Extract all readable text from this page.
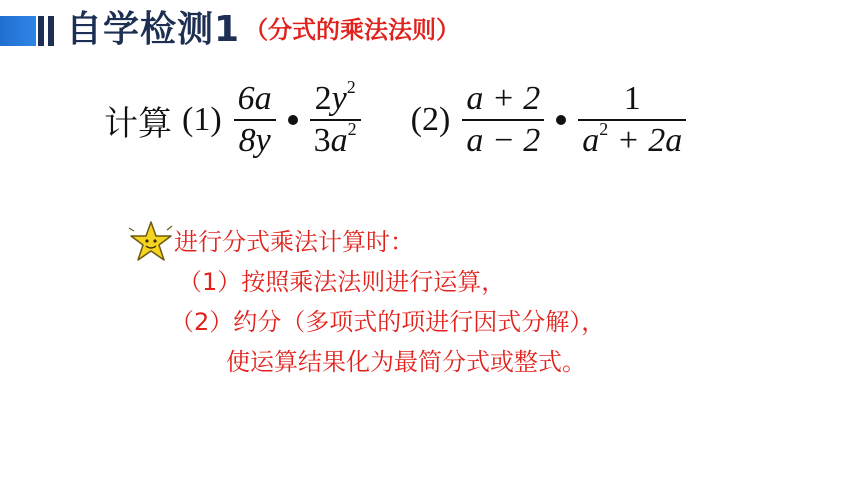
自学检测1 （分式的乘法法则）
计算 $(1) \frac{6a}{8y} \frac{2y^2}{3a^2} (2) \frac{a + 2}{a - 2} \frac{1}{a^2 + 2a}$
进行分式乘法计算时：
（1）按照乘法法则进行运算，
（2）约分（多项式的项进行因式分解），
使运算结果化为最简分式或整式。
